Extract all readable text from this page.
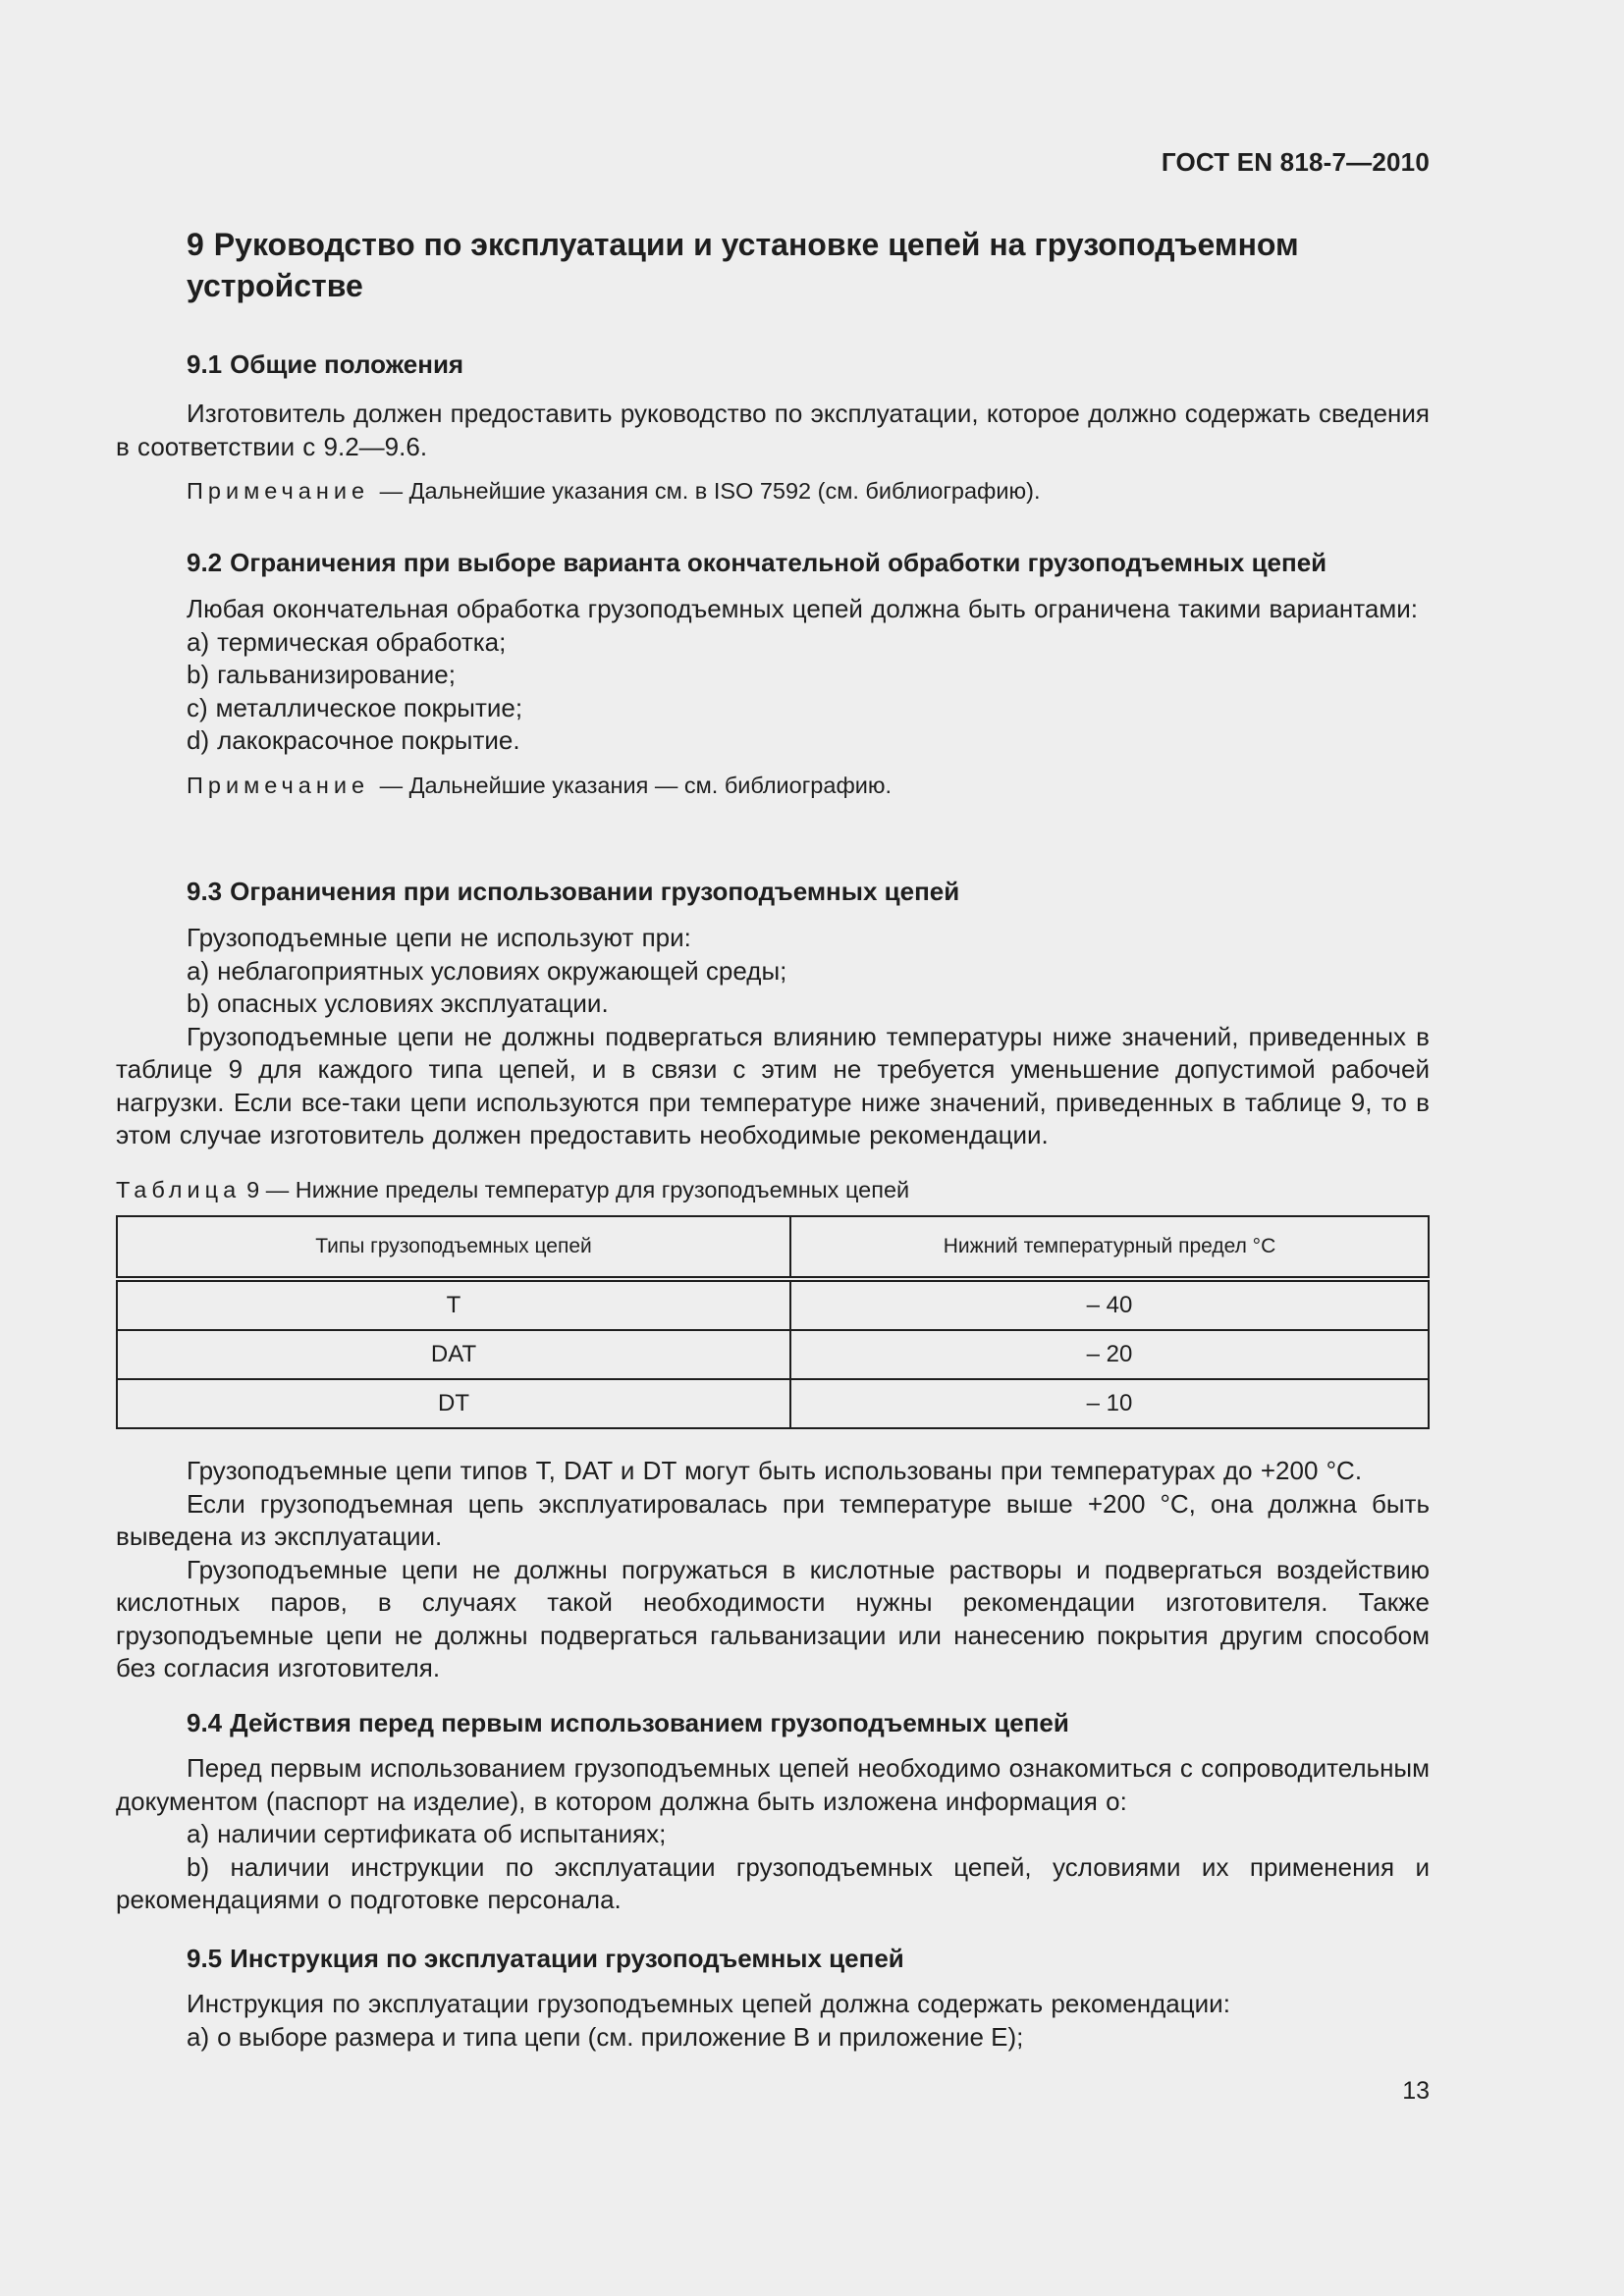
ГОСТ EN 818-7—2010
9 Руководство по эксплуатации и установке цепей на грузоподъемном устройстве
9.1 Общие положения

Изготовитель должен предоставить руководство по эксплуатации, которое должно содержать сведения в соответствии с 9.2—9.6.

Примечание — Дальнейшие указания см. в ISO 7592 (см. библиографию).

9.2 Ограничения при выборе варианта окончательной обработки грузоподъемных цепей

Любая окончательная обработка грузоподъемных цепей должна быть ограничена такими вариантами:

a) термическая обработка;
b) гальванизирование;
c) металлическое покрытие;
d) лакокрасочное покрытие.

Примечание — Дальнейшие указания — см. библиографию.

9.3 Ограничения при использовании грузоподъемных цепей

Грузоподъемные цепи не используют при:

a) неблагоприятных условиях окружающей среды;
b) опасных условиях эксплуатации.

Грузоподъемные цепи не должны подвергаться влиянию температуры ниже значений, приведенных в таблице 9 для каждого типа цепей, и в связи с этим не требуется уменьшение допустимой рабочей нагрузки. Если все-таки цепи используются при температуре ниже значений, приведенных в таблице 9, то в этом случае изготовитель должен предоставить необходимые рекомендации.

Таблица 9 — Нижние пределы температур для грузоподъемных цепей
Типы грузоподъемных цепей	Нижний температурный предел °С
T	– 40
DAT	– 20
DT	– 10

Грузоподъемные цепи типов T, DAT и DT могут быть использованы при температурах до +200 °C.

Если грузоподъемная цепь эксплуатировалась при температуре выше +200 °C, она должна быть выведена из эксплуатации.

Грузоподъемные цепи не должны погружаться в кислотные растворы и подвергаться воздействию кислотных паров, в случаях такой необходимости нужны рекомендации изготовителя. Также грузоподъемные цепи не должны подвергаться гальванизации или нанесению покрытия другим способом без согласия изготовителя.

9.4 Действия перед первым использованием грузоподъемных цепей

Перед первым использованием грузоподъемных цепей необходимо ознакомиться с сопроводительным документом (паспорт на изделие), в котором должна быть изложена информация о:

a) наличии сертификата об испытаниях;

b) наличии инструкции по эксплуатации грузоподъемных цепей, условиями их применения и рекомендациями о подготовке персонала.

9.5 Инструкция по эксплуатации грузоподъемных цепей

Инструкция по эксплуатации грузоподъемных цепей должна содержать рекомендации:

a) о выборе размера и типа цепи (см. приложение В и приложение Е);
13
